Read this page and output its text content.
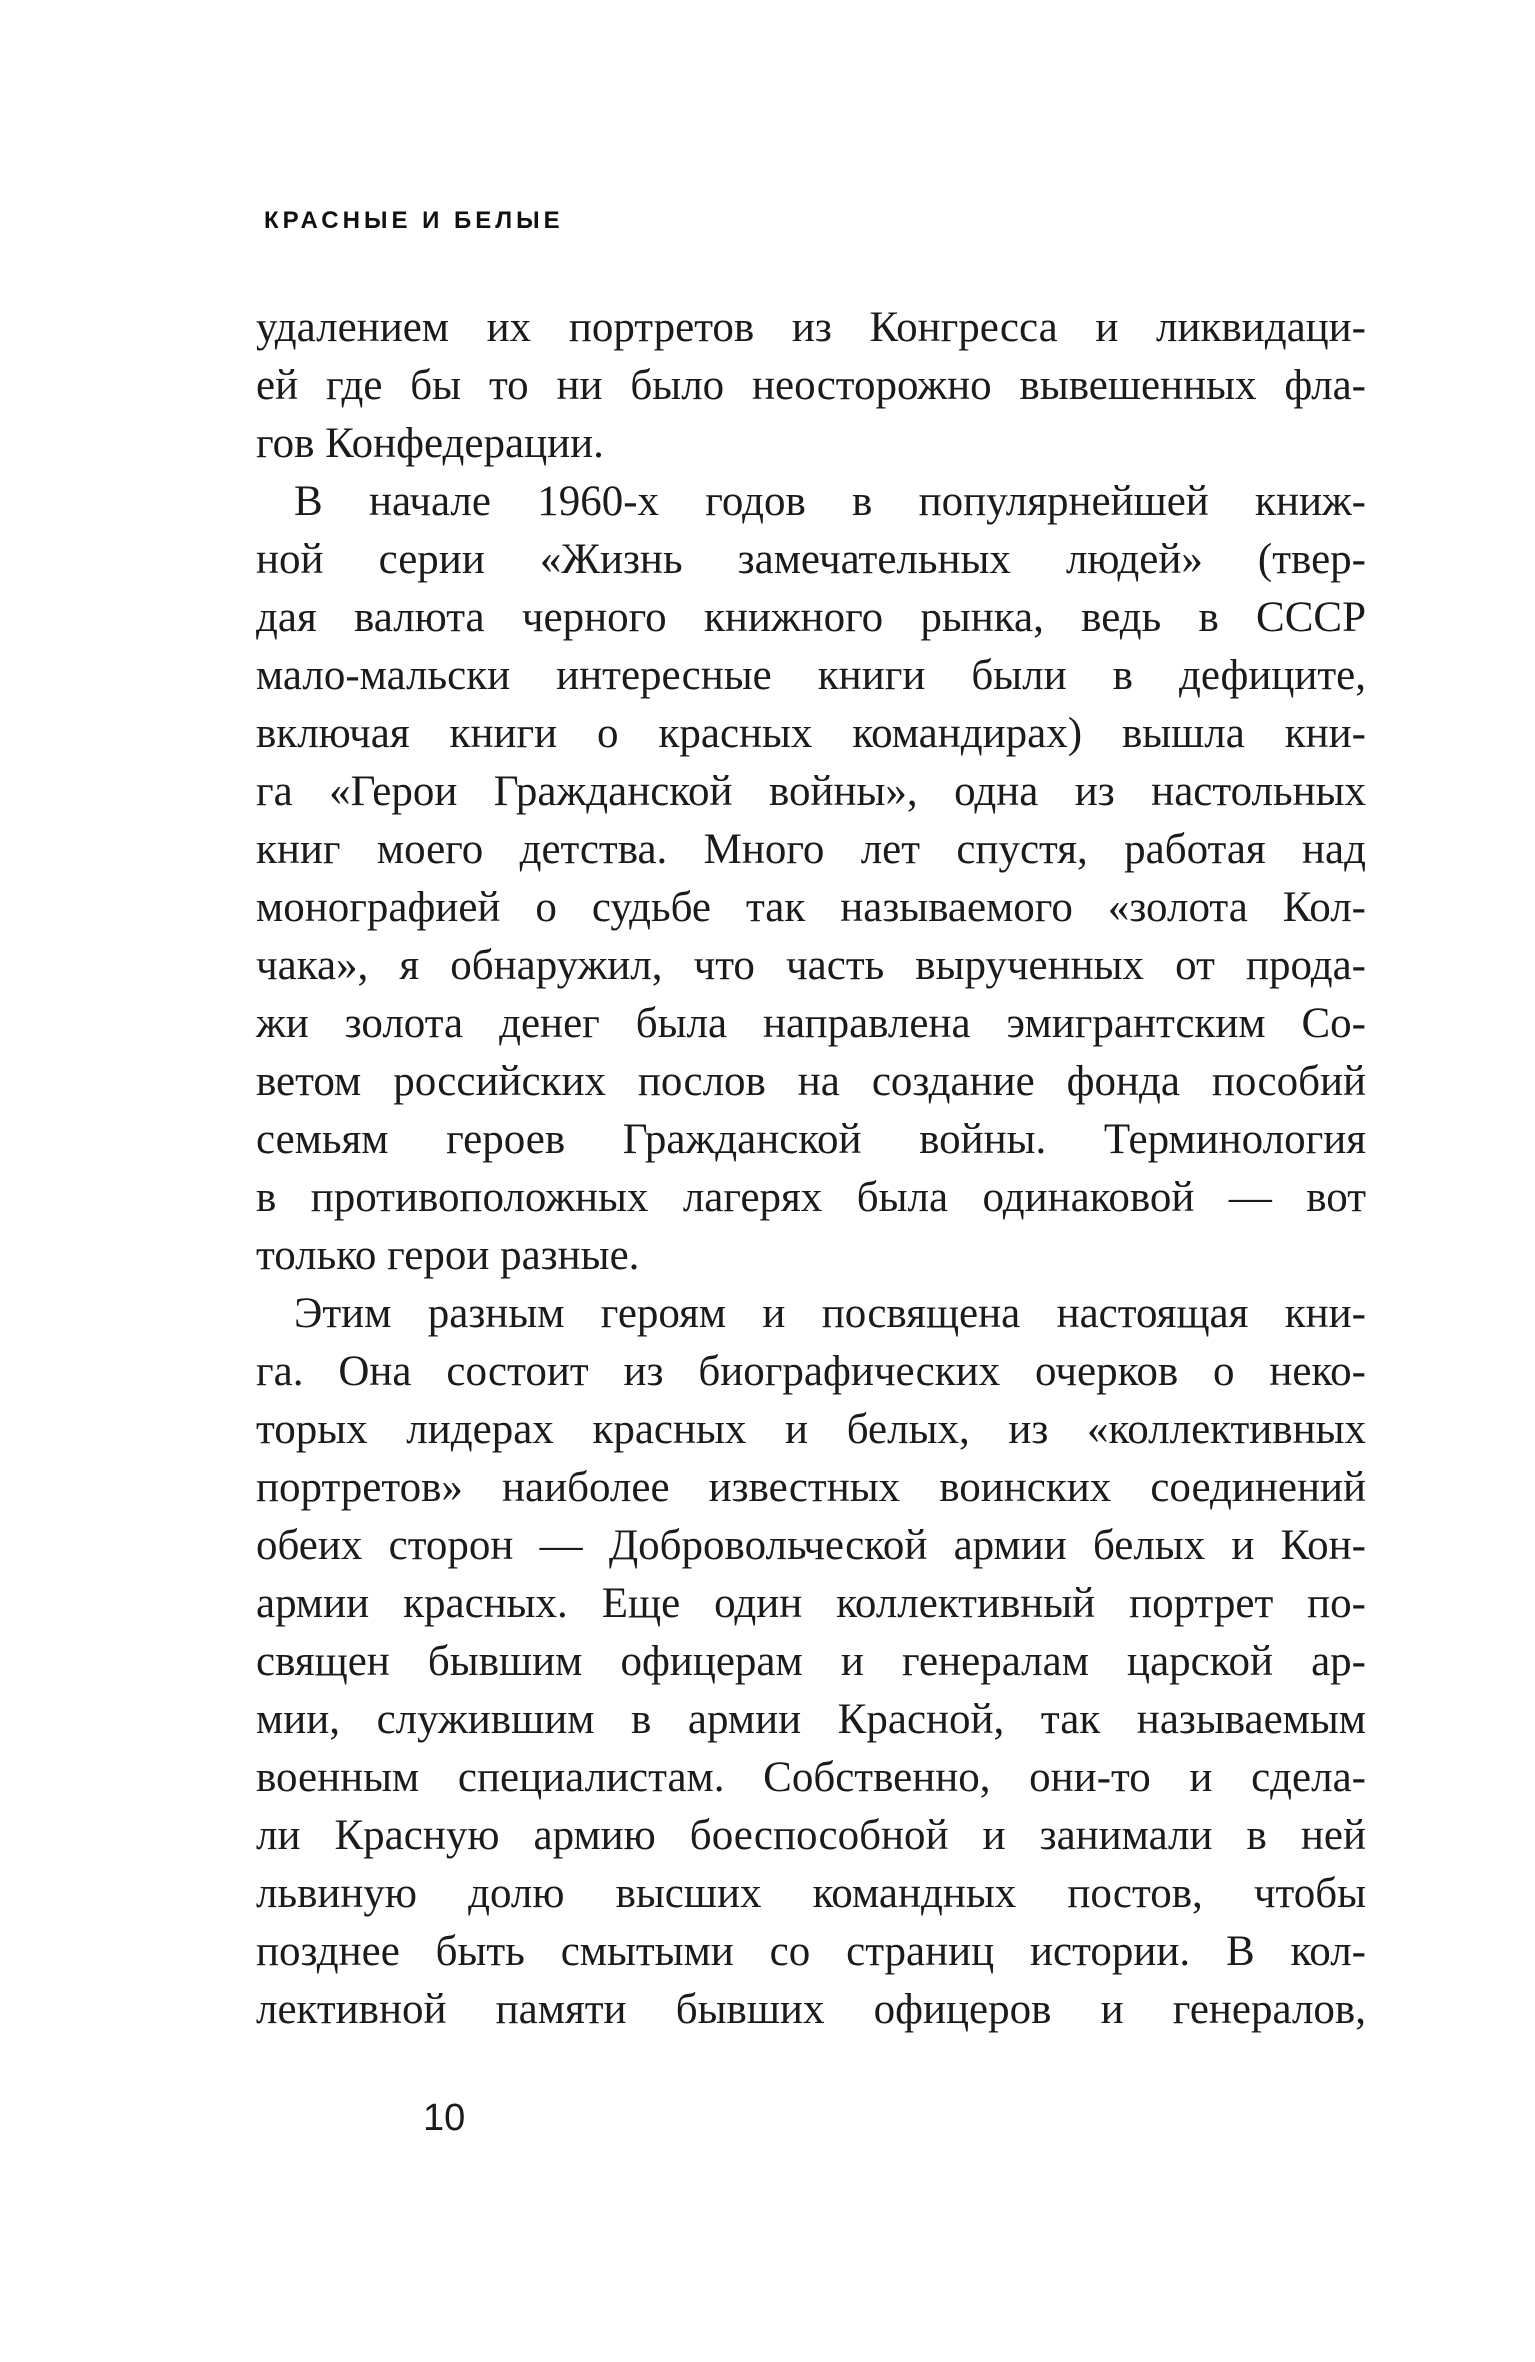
КРАСНЫЕ И БЕЛЫЕ
удалением их портретов из Конгресса и ликвидаци-
ей где бы то ни было неосторожно вывешенных фла-
гов Конфедерации.
В начале 1960-х годов в популярнейшей книж-
ной серии «Жизнь замечательных людей» (твер-
дая валюта черного книжного рынка, ведь в СССР
мало-мальски интересные книги были в дефиците,
включая книги о красных командирах) вышла кни-
га «Герои Гражданской войны», одна из настольных
книг моего детства. Много лет спустя, работая над
монографией о судьбе так называемого «золота Кол-
чака», я обнаружил, что часть вырученных от прода-
жи золота денег была направлена эмигрантским Со-
ветом российских послов на создание фонда пособий
семьям героев Гражданской войны. Терминология
в противоположных лагерях была одинаковой — вот
только герои разные.
Этим разным героям и посвящена настоящая кни-
га. Она состоит из биографических очерков о неко-
торых лидерах красных и белых, из «коллективных
портретов» наиболее известных воинских соединений
обеих сторон — Добровольческой армии белых и Кон-
армии красных. Еще один коллективный портрет по-
священ бывшим офицерам и генералам царской ар-
мии, служившим в армии Красной, так называемым
военным специалистам. Собственно, они-то и сдела-
ли Красную армию боеспособной и занимали в ней
львиную долю высших командных постов, чтобы
позднее быть смытыми со страниц истории. В кол-
лективной памяти бывших офицеров и генералов,
10
